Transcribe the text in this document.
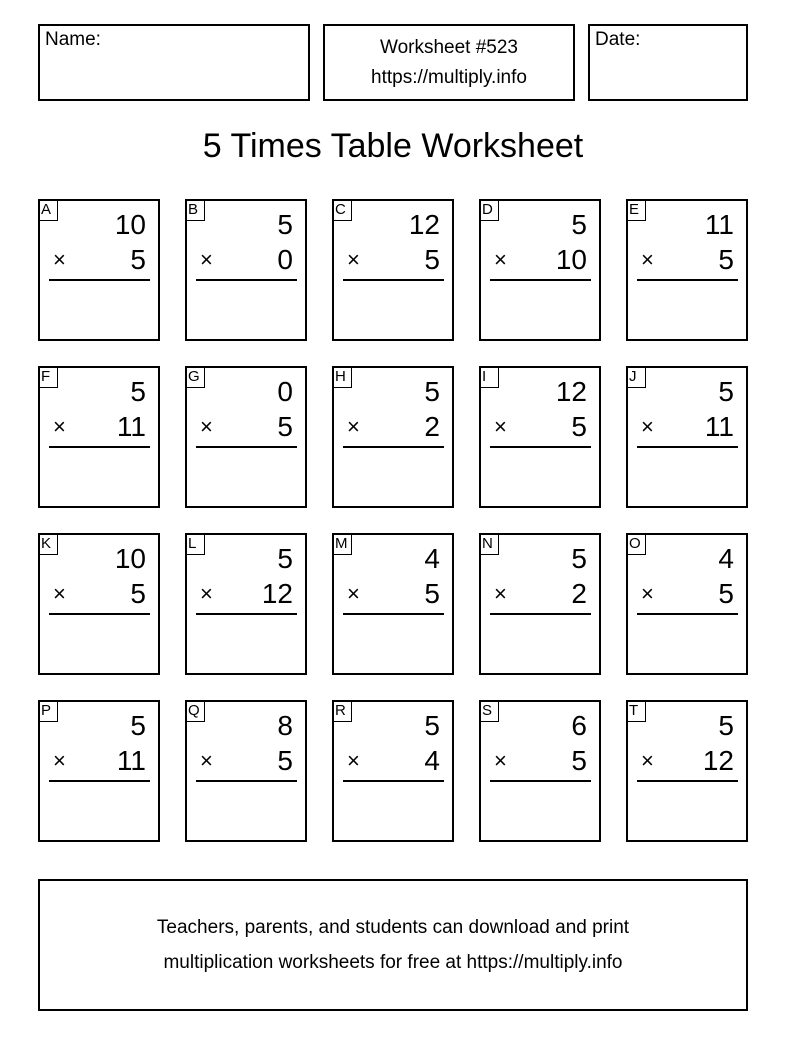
Name:	Worksheet #523
https://multiply.info
Date:
5 Times Table Worksheet
A 10
× 5
B	5
× 0
C 12
× 5
D	5
× 10
E 11
× 5
F	5
× 11
G	0
× 5
H	5
× 2
I	12
× 5
J	5
× 11
K 10
× 5
L	5
× 12
M	4
× 5
N	5
× 2
O	4
× 5
P	5
× 11
Q	8
× 5
R	5
× 4
S	6
× 5
T	5
× 12
Teachers, parents, and students can download and print
multiplication worksheets for free at https://multiply.info
